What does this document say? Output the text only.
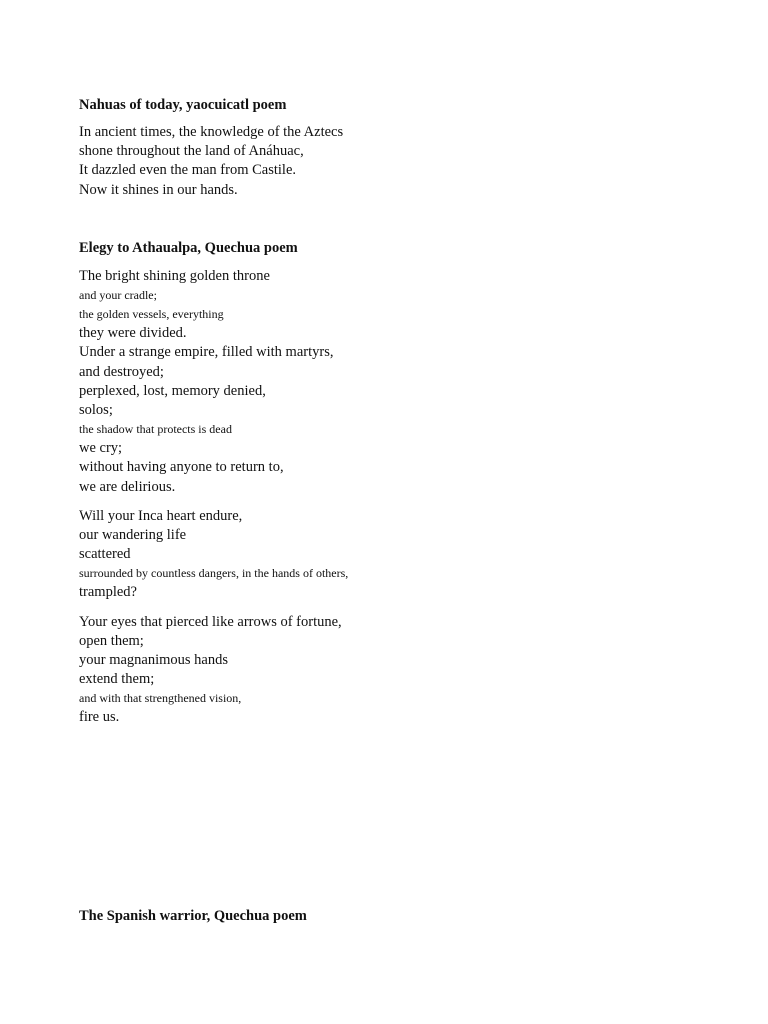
Nahuas of today, yaocuicatl poem
In ancient times, the knowledge of the Aztecs
shone throughout the land of Anáhuac,
It dazzled even the man from Castile.
Now it shines in our hands.
Elegy to Athaualpa, Quechua poem
The bright shining golden throne
and your cradle;
the golden vessels, everything
they were divided.
Under a strange empire, filled with martyrs,
and destroyed;
perplexed, lost, memory denied,
solos;
the shadow that protects is dead
we cry;
without having anyone to return to,
we are delirious.
Will your Inca heart endure,
our wandering life
scattered
surrounded by countless dangers, in the hands of others,
trampled?
Your eyes that pierced like arrows of fortune,
open them;
your magnanimous hands
extend them;
and with that strengthened vision,
fire us.
The Spanish warrior, Quechua poem
